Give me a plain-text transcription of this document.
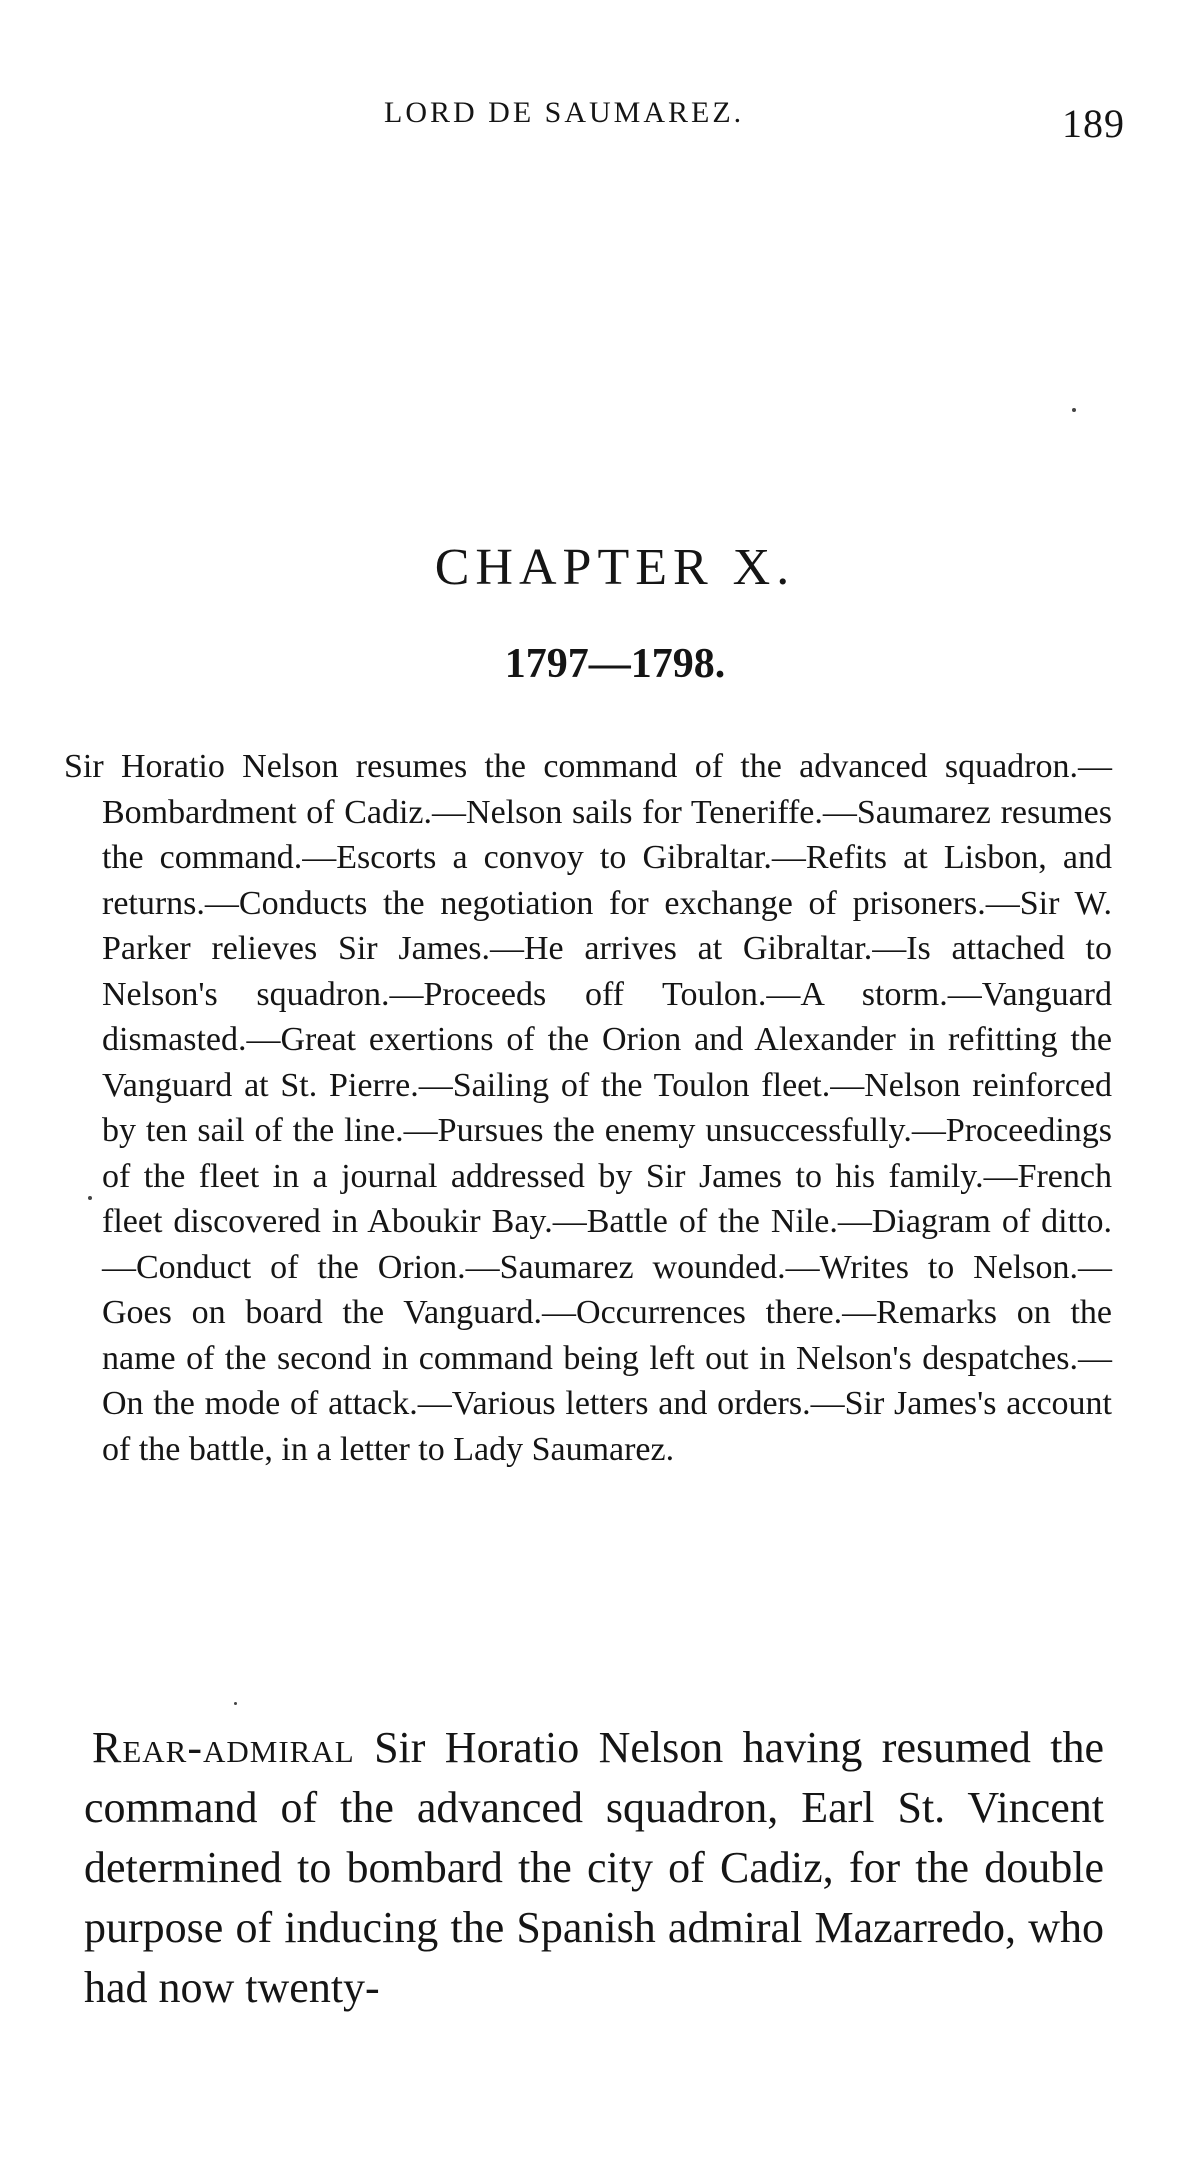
LORD DE SAUMAREZ.	189
CHAPTER X.
1797—1798.

Sir Horatio Nelson resumes the command of the advanced squadron.—Bombardment of Cadiz.—Nelson sails for Teneriffe.—Saumarez resumes the command.—Escorts a convoy to Gibraltar.—Refits at Lisbon, and returns.—Conducts the negotiation for exchange of prisoners.—Sir W. Parker relieves Sir James.—He arrives at Gibraltar.—Is attached to Nelson's squadron.—Proceeds off Toulon.—A storm.—Vanguard dismasted.—Great exertions of the Orion and Alexander in refitting the Vanguard at St. Pierre.—Sailing of the Toulon fleet.—Nelson reinforced by ten sail of the line.—Pursues the enemy unsuccessfully.—Proceedings of the fleet in a journal addressed by Sir James to his family.—French fleet discovered in Aboukir Bay.—Battle of the Nile.—Diagram of ditto.—Conduct of the Orion.—Saumarez wounded.—Writes to Nelson.—Goes on board the Vanguard.—Occurrences there.—Remarks on the name of the second in command being left out in Nelson's despatches.—On the mode of attack.—Various letters and orders.—Sir James's account of the battle, in a letter to Lady Saumarez.

Rear-admiral Sir Horatio Nelson having resumed the command of the advanced squadron, Earl St. Vincent determined to bombard the city of Cadiz, for the double purpose of inducing the Spanish admiral Mazarredo, who had now twenty-
